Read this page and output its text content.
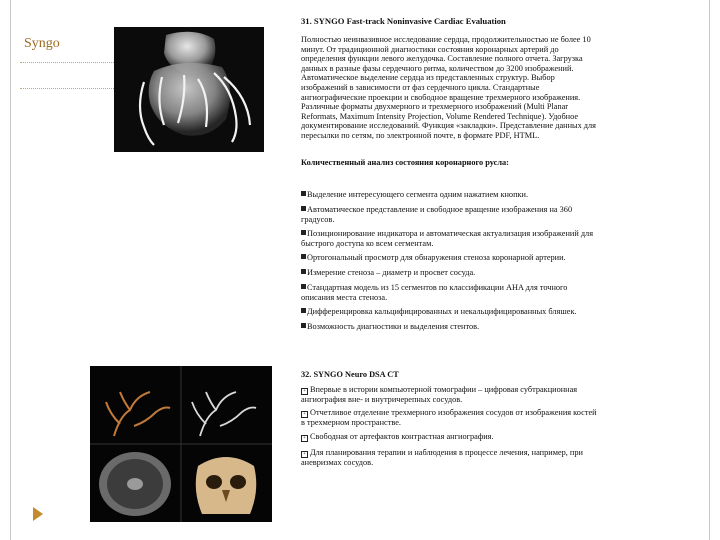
Syngo
31. SYNGO Fast-track Noninvasive Cardiac Evaluation
Полностью неинвазивное исследование сердца, продолжительностью не более 10
минут. От традиционной диагностики состояния коронарных артерий до
определения функции левого желудочка. Составление полного отчета. Загрузка
данных в разные фазы сердечного ритма, количеством до 3200 изображений.
Автоматическое выделение сердца из представленных структур. Выбор
изображений в зависимости от фаз сердечного цикла. Стандартные
ангиографические проекции и свободное вращение трехмерного изображения.
Различные форматы двухмерного и трехмерного изображений (Multi Planar
Reformats, Maximum Intensity Projection, Volume Rendered Technique). Удобное
документирование исследований. Функция «закладки». Представление данных для
пересылки по сетям, по электронной почте, в формате PDF, HTML.
Количественный анализ состояния коронарного русла:
Выделение интересующего сегмента одним нажатием кнопки.
Автоматическое представление и свободное вращение изображения на 360
градусов.
Позиционирование индикатора и автоматическая актуализация изображений для
быстрого доступа ко всем сегментам.
Ортогональный просмотр для обнаружения стеноза коронарной артерии.
Измерение стеноза – диаметр и просвет сосуда.
Стандартная модель из 15 сегментов по классификации AHA для точного
описания места стеноза.
Дифференцировка кальцифицированных и некальцифицированных бляшек.
Возможность диагностики и выделения стентов.
32. SYNGO Neuro DSA CT
+ Впервые в истории компьютерной томографии – цифровая субтракционная
ангиография вне- и внутричерепных сосудов.
+ Отчетливое отделение трехмерного изображения сосудов от изображения костей
в трехмерном пространстве.
+ Свободная от артефактов контрастная ангиография.
+ Для планирования терапии и наблюдения в процессе лечения, например, при
аневризмах сосудов.
